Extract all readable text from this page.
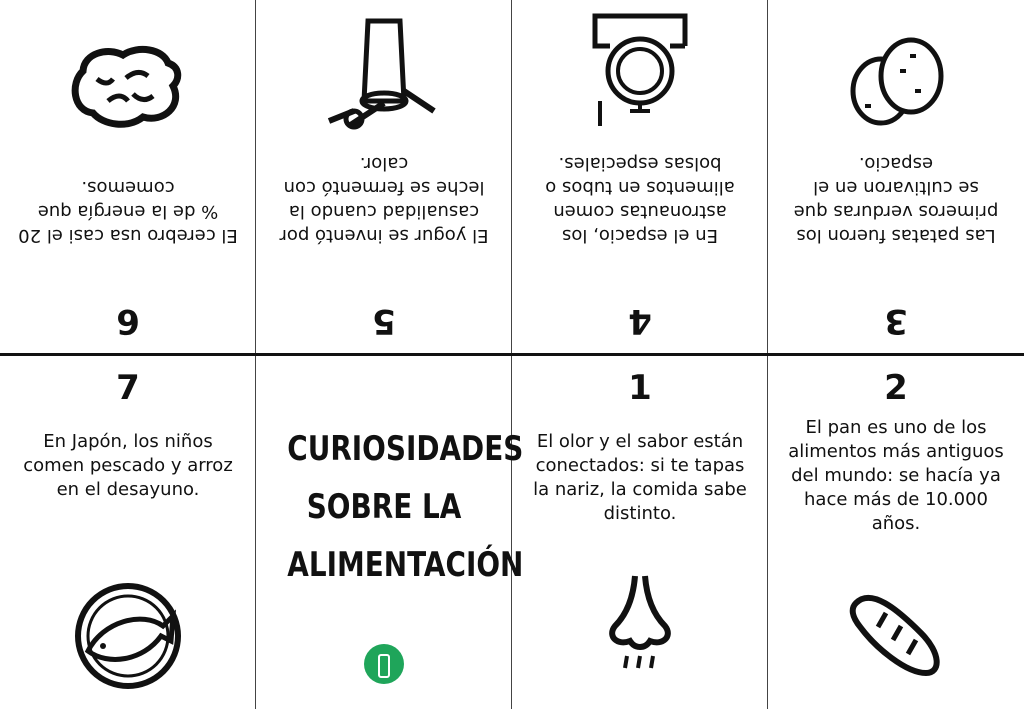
6
El cerebro usa casi el 20 % de la energía que comemos.
5
El yogur se inventó por casualidad cuando la leche se fermentó con calor.
4
En el espacio, los astronautas comen alimentos en tubos o bolsas especiales.
3
Las patatas fueron los primeros verduras que se cultivaron en el espacio.
7
En Japón, los niños comen pescado y arroz en el desayuno.
CURIOSIDADES SOBRE LA ALIMENTACIÓN
1
El olor y el sabor están conectados: si te tapas la nariz, la comida sabe distinto.
2
El pan es uno de los alimentos más antiguos del mundo: se hacía ya hace más de 10.000 años.
